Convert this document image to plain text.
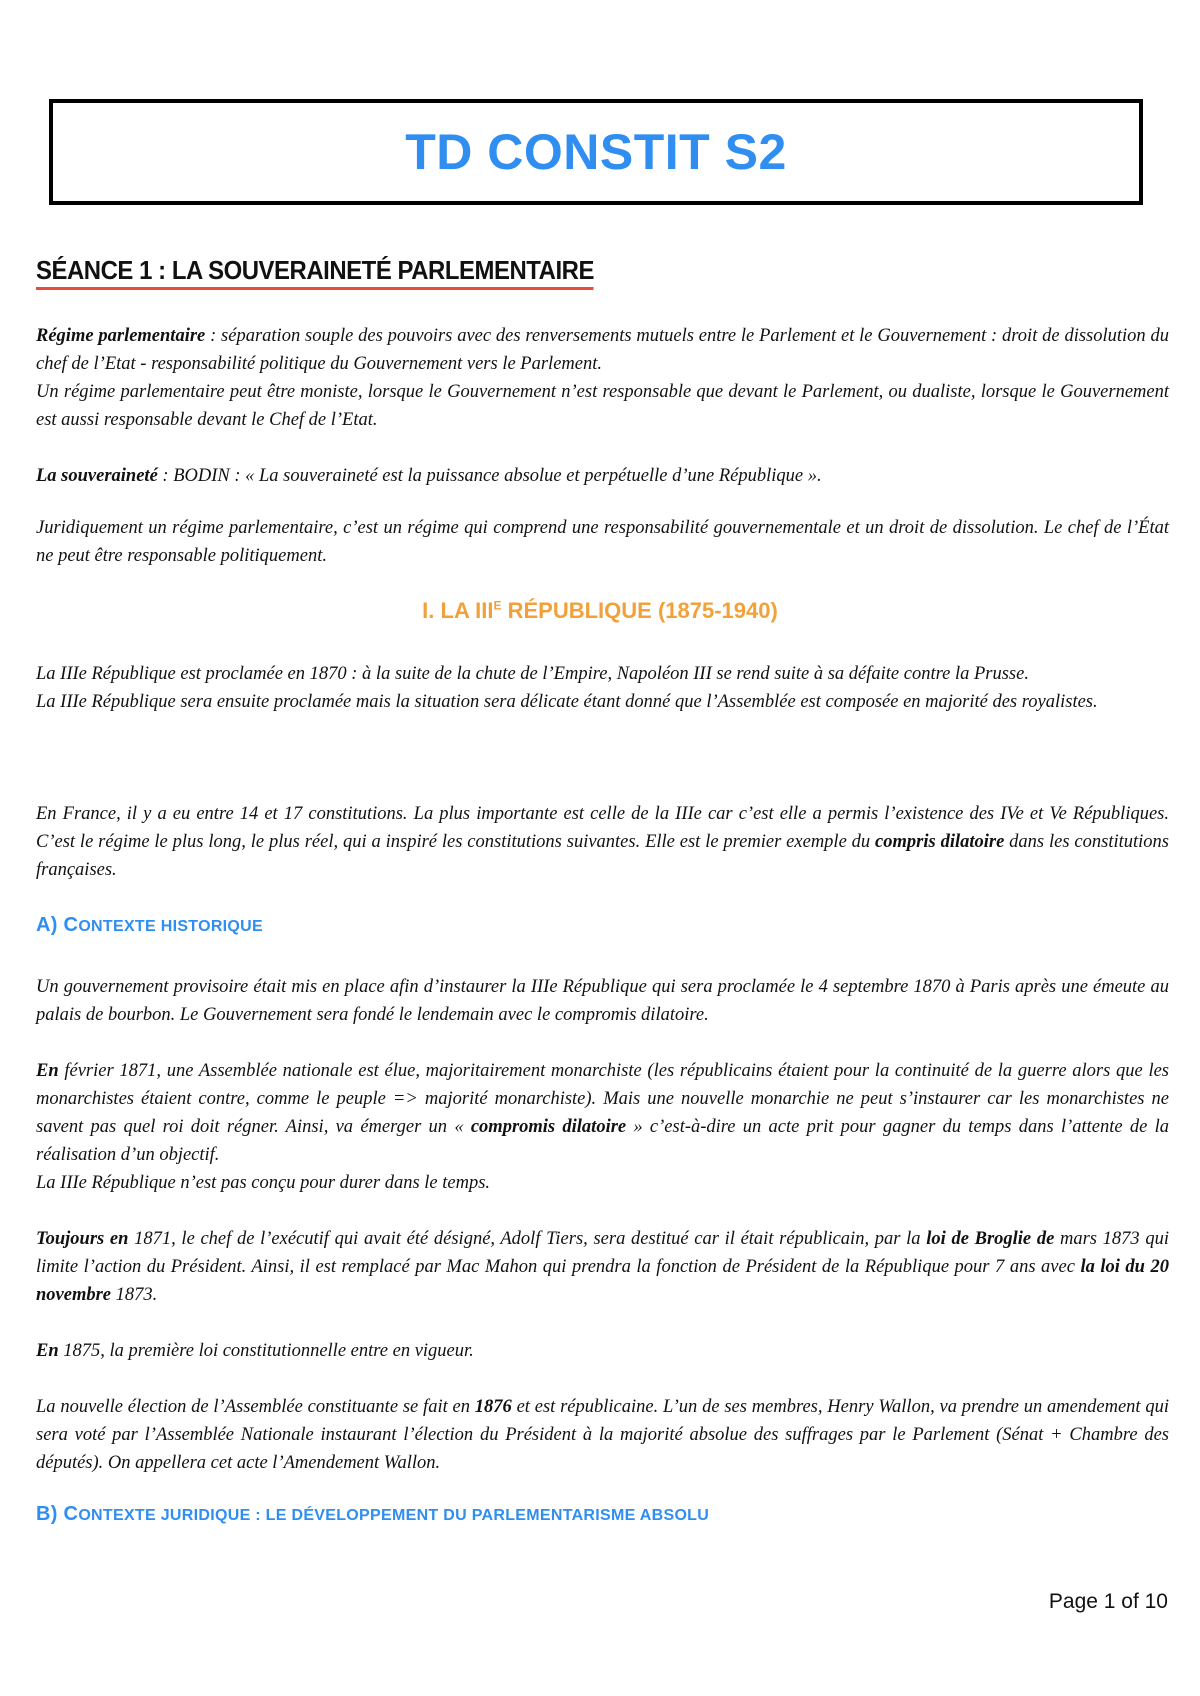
TD CONSTIT S2
SÉANCE 1 : LA SOUVERAINETÉ PARLEMENTAIRE

Régime parlementaire : séparation souple des pouvoirs avec des renversements mutuels entre le Parlement et le Gouvernement : droit de dissolution du chef de l’Etat - responsabilité politique du Gouvernement vers le Parlement.
Un régime parlementaire peut être moniste, lorsque le Gouvernement n’est responsable que devant le Parlement, ou dualiste, lorsque le Gouvernement est aussi responsable devant le Chef de l’Etat.

La souveraineté : BODIN : « La souveraineté est la puissance absolue et perpétuelle d’une République ».

Juridiquement un régime parlementaire, c’est un régime qui comprend une responsabilité gouvernementale et un droit de dissolution. Le chef de l’État ne peut être responsable politiquement.

I. LA $III^E$ RÉPUBLIQUE (1875-1940)

La IIIe République est proclamée en 1870 : à la suite de la chute de l’Empire, Napoléon III se rend suite à sa défaite contre la Prusse.
La IIIe République sera ensuite proclamée mais la situation sera délicate étant donné que l’Assemblée est composée en majorité des royalistes.

En France, il y a eu entre 14 et 17 constitutions. La plus importante est celle de la IIIe car c’est elle a permis l’existence des IVe et Ve Républiques. C’est le régime le plus long, le plus réel, qui a inspiré les constitutions suivantes. Elle est le premier exemple du compris dilatoire dans les constitutions françaises.

A) CONTEXTE HISTORIQUE

Un gouvernement provisoire était mis en place afin d’instaurer la IIIe République qui sera proclamée le 4 septembre 1870 à Paris après une émeute au palais de bourbon. Le Gouvernement sera fondé le lendemain avec le compromis dilatoire.

En février 1871, une Assemblée nationale est élue, majoritairement monarchiste (les républicains étaient pour la continuité de la guerre alors que les monarchistes étaient contre, comme le peuple => majorité monarchiste). Mais une nouvelle monarchie ne peut s’instaurer car les monarchistes ne savent pas quel roi doit régner. Ainsi, va émerger un « compromis dilatoire » c’est-à-dire un acte prit pour gagner du temps dans l’attente de la réalisation d’un objectif.
La IIIe République n’est pas conçu pour durer dans le temps.

Toujours en 1871, le chef de l’exécutif qui avait été désigné, Adolf Tiers, sera destitué car il était républicain, par la loi de Broglie de mars 1873 qui limite l’action du Président. Ainsi, il est remplacé par Mac Mahon qui prendra la fonction de Président de la République pour 7 ans avec la loi du 20 novembre 1873.

En 1875, la première loi constitutionnelle entre en vigueur.

La nouvelle élection de l’Assemblée constituante se fait en 1876 et est républicaine. L’un de ses membres, Henry Wallon, va prendre un amendement qui sera voté par l’Assemblée Nationale instaurant l’élection du Président à la majorité absolue des suffrages par le Parlement (Sénat + Chambre des députés). On appellera cet acte l’Amendement Wallon.

B) CONTEXTE JURIDIQUE : LE DÉVELOPPEMENT DU PARLEMENTARISME ABSOLU
Page 1 of 10
